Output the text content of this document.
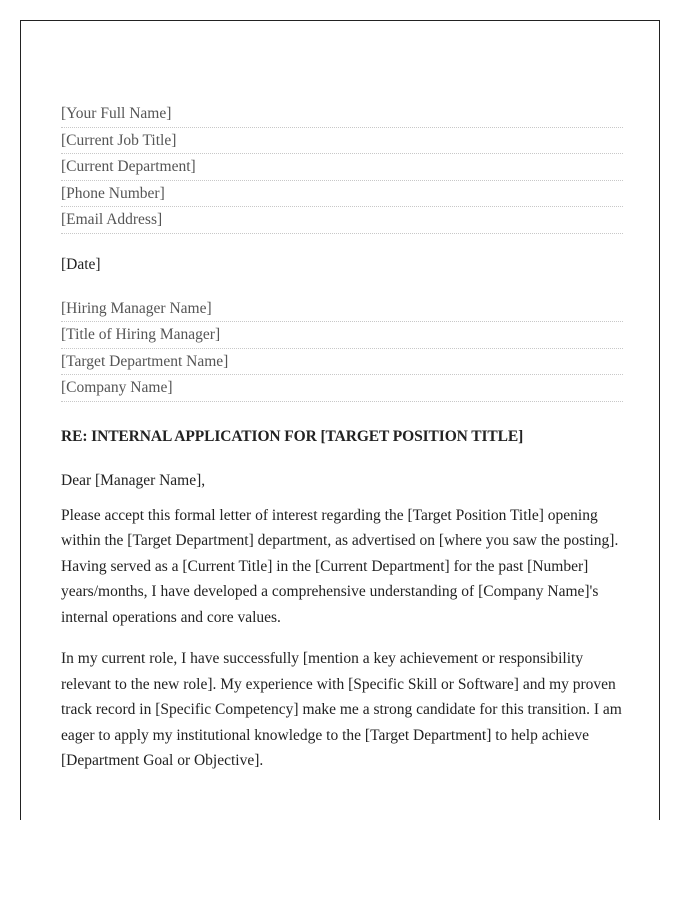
[Your Full Name]
[Current Job Title]
[Current Department]
[Phone Number]
[Email Address]
[Date]
[Hiring Manager Name]
[Title of Hiring Manager]
[Target Department Name]
[Company Name]
RE: INTERNAL APPLICATION FOR [TARGET POSITION TITLE]
Dear [Manager Name],

Please accept this formal letter of interest regarding the [Target Position Title] opening within the [Target Department] department, as advertised on [where you saw the posting]. Having served as a [Current Title] in the [Current Department] for the past [Number] years/months, I have developed a comprehensive understanding of [Company Name]'s internal operations and core values.

In my current role, I have successfully [mention a key achievement or responsibility relevant to the new role]. My experience with [Specific Skill or Software] and my proven track record in [Specific Competency] make me a strong candidate for this transition. I am eager to apply my institutional knowledge to the [Target Department] to help achieve [Department Goal or Objective].
